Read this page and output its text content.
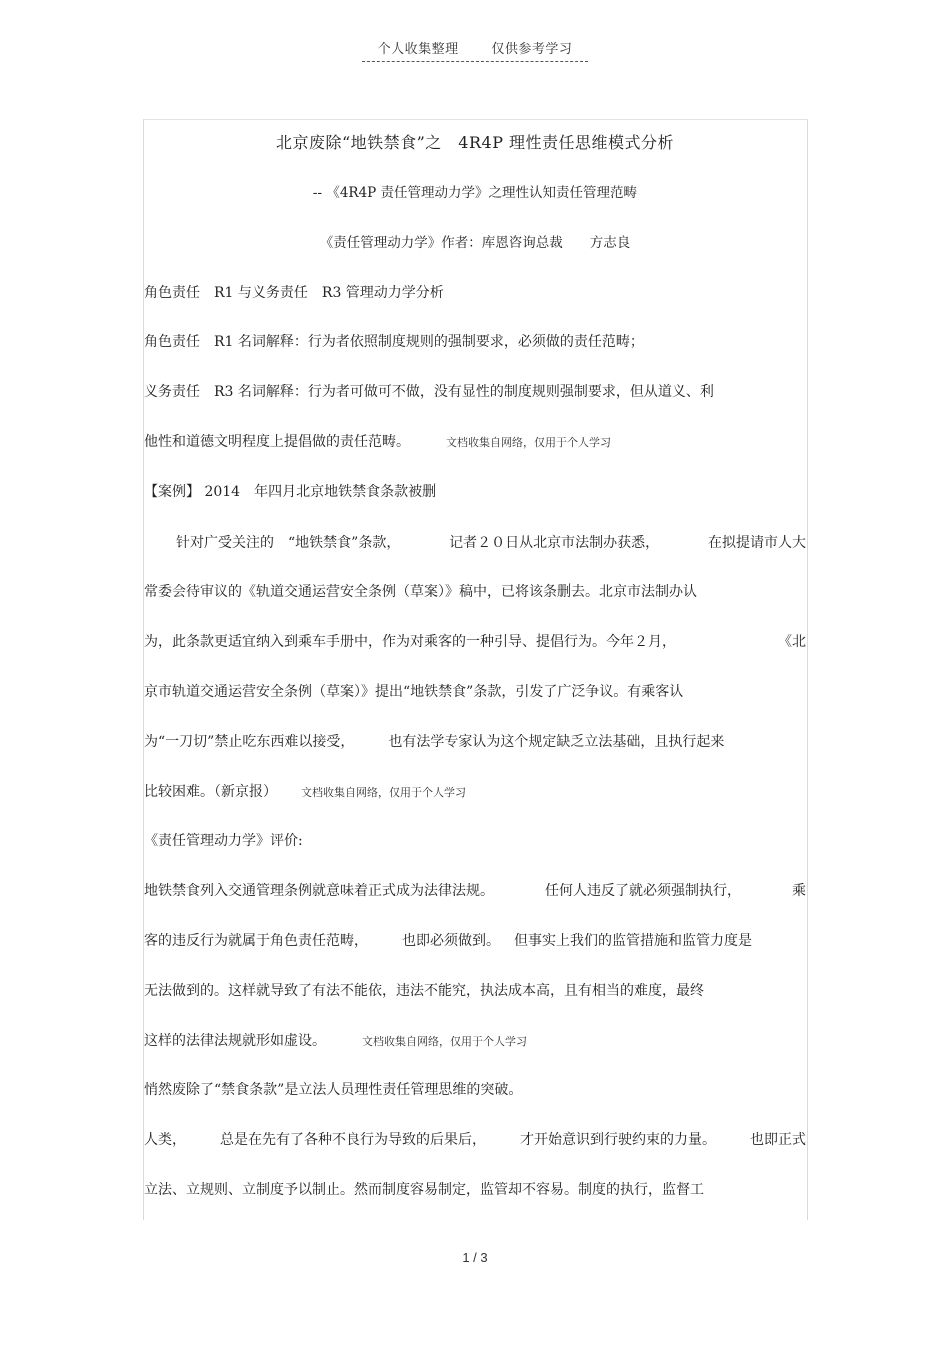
个人收集整理	仅供参考学习
北京废除“地铁禁食”之　4R4P 理性责任思维模式分析
-- 《4R4P 责任管理动力学》之理性认知责任管理范畴
《责任管理动力学》作者：库恩咨询总裁　　方志良
角色责任　R1 与义务责任　R3 管理动力学分析
角色责任　R1 名词解释：行为者依照制度规则的强制要求，必须做的责任范畴；
义务责任　R3 名词解释：行为者可做可不做，没有显性的制度规则强制要求，但从道义、利
他性和道德文明程度上提倡做的责任范畴。	文档收集自网络，仅用于个人学习
【案例】 2014　年四月北京地铁禁食条款被删
针对广受关注的　“地铁禁食”条款，	记者２０日从北京市法制办获悉，	在拟提请市人大
常委会待审议的《轨道交通运营安全条例（草案）》稿中，已将该条删去。北京市法制办认
为，此条款更适宜纳入到乘车手册中，作为对乘客的一种引导、提倡行为。今年２月，	《北
京市轨道交通运营安全条例（草案）》提出“地铁禁食”条款，引发了广泛争议。有乘客认
为“一刀切”禁止吃东西难以接受， 也有法学专家认为这个规定缺乏立法基础，且执行起来
比较困难。（新京报） 文档收集自网络，仅用于个人学习
《责任管理动力学》评价:
地铁禁食列入交通管理条例就意味着正式成为法律法规。	任何人违反了就必须强制执行，	乘
客的违反行为就属于角色责任范畴， 也即必须做到。 但事实上我们的监管措施和监管力度是
无法做到的。这样就导致了有法不能依，违法不能究，执法成本高，且有相当的难度，最终
这样的法律法规就形如虚设。	文档收集自网络，仅用于个人学习
悄然废除了“禁食条款”是立法人员理性责任管理思维的突破。
人类， 总是在先有了各种不良行为导致的后果后， 才开始意识到行驶约束的力量。 也即正式
立法、立规则、立制度予以制止。然而制度容易制定，监管却不容易。制度的执行，监督工
1 / 3
